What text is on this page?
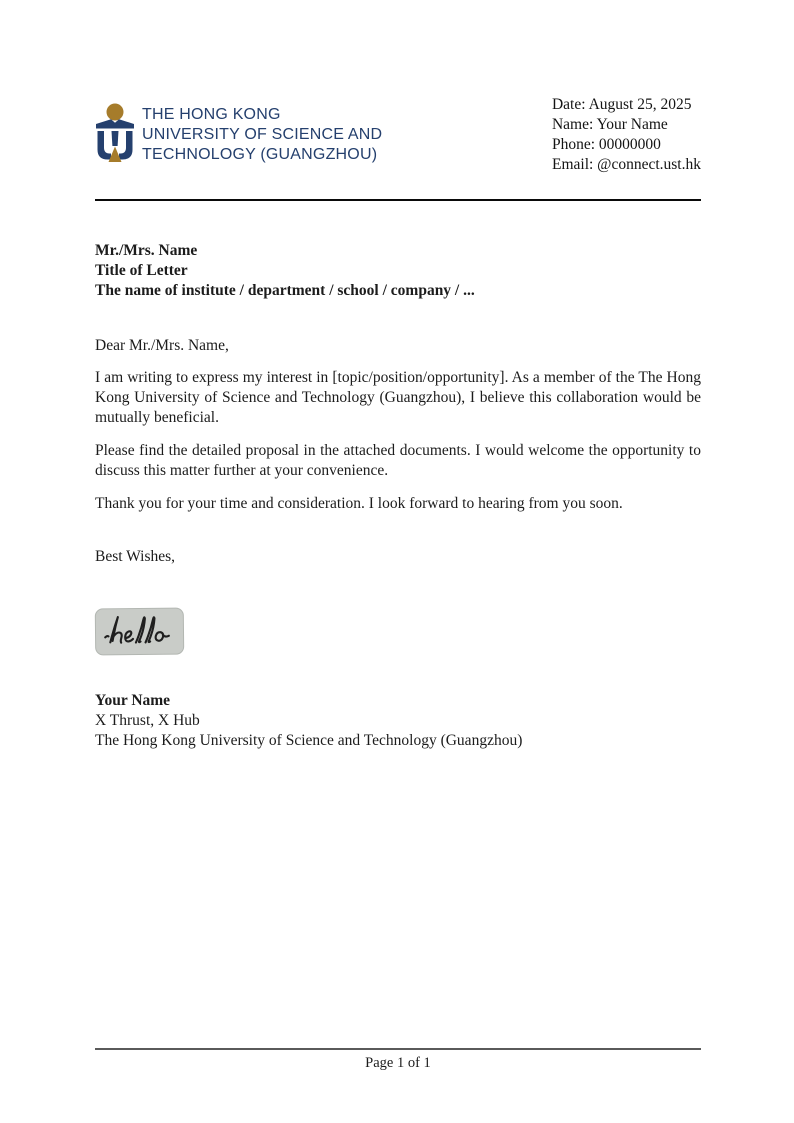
THE HONG KONG
UNIVERSITY OF SCIENCE AND
TECHNOLOGY (GUANGZHOU)
Date: August 25, 2025
Name: Your Name
Phone: 00000000
Email: @connect.ust.hk
Mr./Mrs. Name
Title of Letter
The name of institute / department / school / company / ...

Dear Mr./Mrs. Name,

I am writing to express my interest in [topic/position/opportunity]. As a member of the The Hong Kong University of Science and Technology (Guangzhou), I believe this collaboration would be mutually beneficial.

Please find the detailed proposal in the attached documents. I would welcome the opportunity to discuss this matter further at your convenience.

Thank you for your time and consideration. I look forward to hearing from you soon.

Best Wishes,

Your Name
X Thrust, X Hub
The Hong Kong University of Science and Technology (Guangzhou)
Page 1 of 1
